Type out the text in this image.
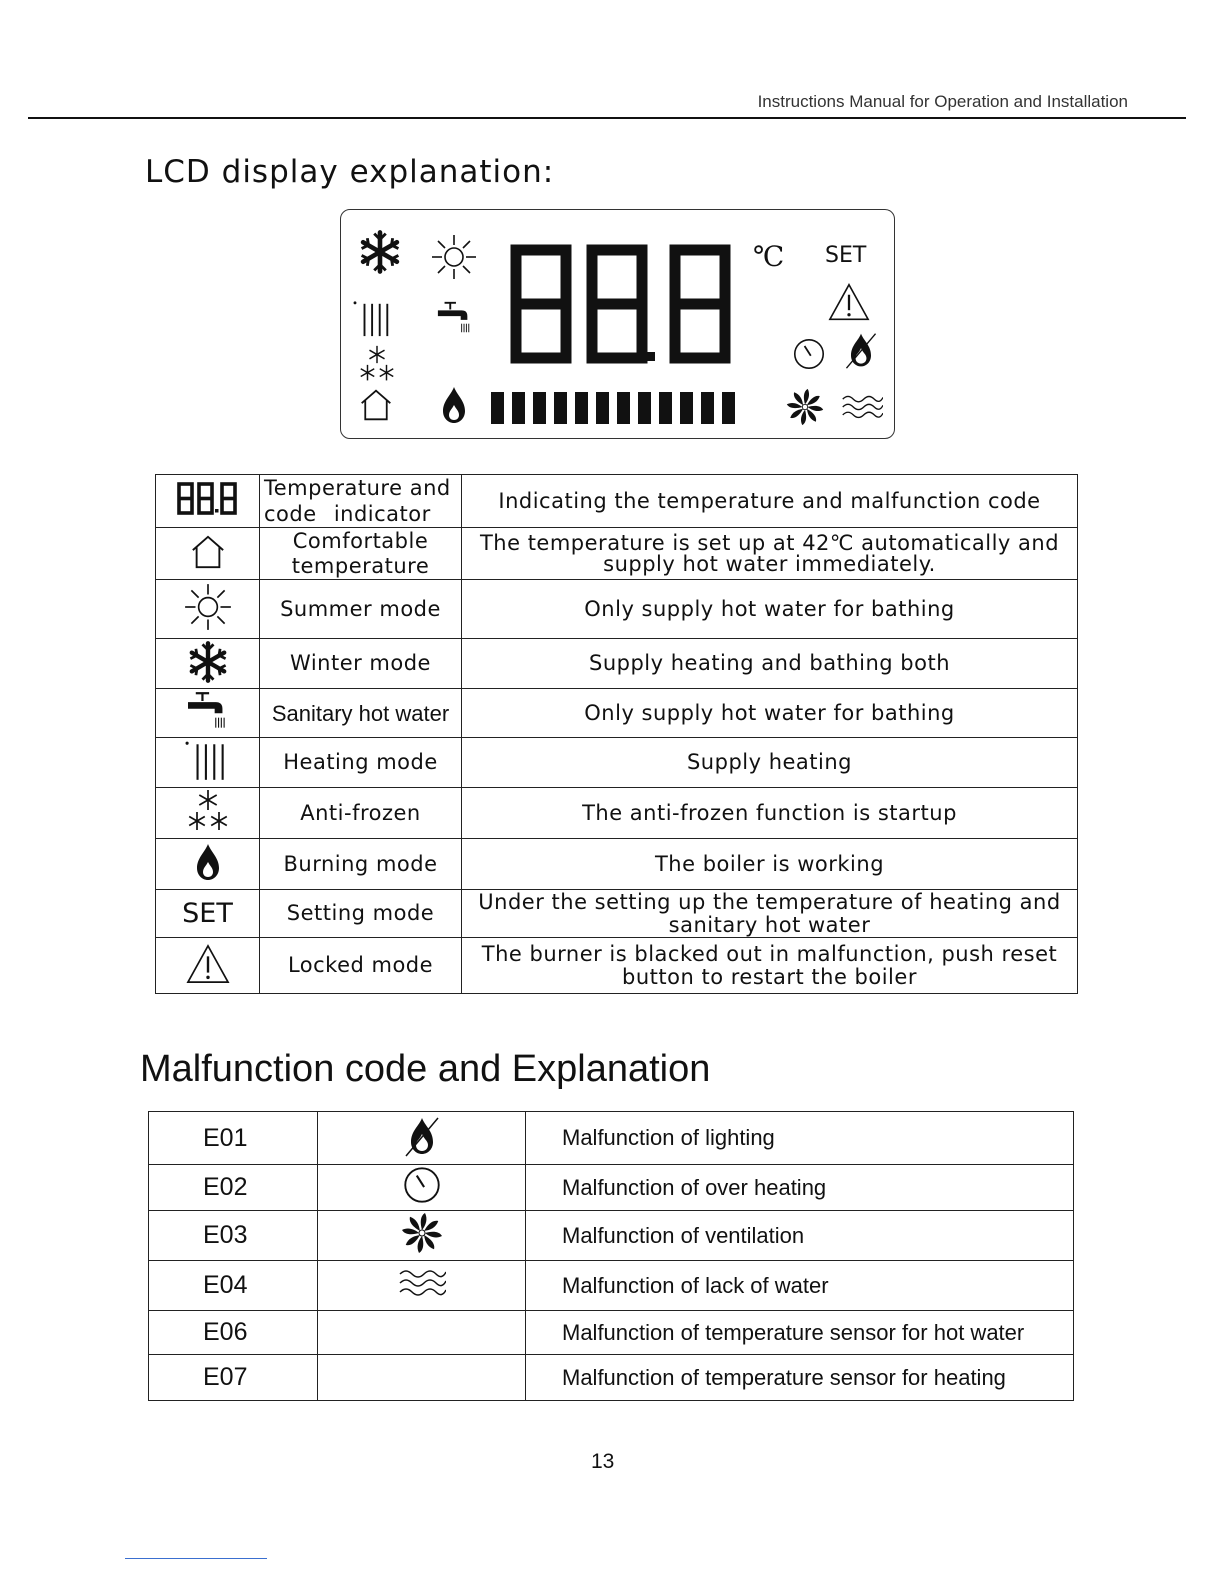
Instructions Manual for Operation and Installation
LCD display explanation:
℃ SET
	Temperature and
code indicator	Indicating the temperature and malfunction code
	Comfortable
temperature	The temperature is set up at 42℃ automatically and supply hot water immediately.
	Summer mode	Only supply hot water for bathing
	Winter mode	Supply heating and bathing both
	Sanitary hot water	Only supply hot water for bathing
	Heating mode	Supply heating
	Anti-frozen	The anti-frozen function is startup
	Burning mode	The boiler is working
SET	Setting mode	Under the setting up the temperature of heating and sanitary hot water
	Locked mode	The burner is blacked out in malfunction, push reset button to restart the boiler
Malfunction code and Explanation
E01		Malfunction of lighting
E02		Malfunction of over heating
E03		Malfunction of ventilation
E04		Malfunction of lack of water
E06		Malfunction of temperature sensor for hot water
E07		Malfunction of temperature sensor for heating
13
